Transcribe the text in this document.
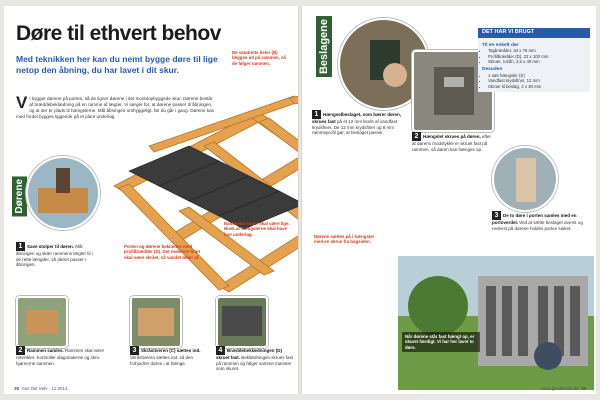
Døre til ethvert behov
Med teknikken her kan du nemt bygge døre til lige netop den åbning, du har lavet i dit skur.
V i bygger dørene på porten, så de ligner dørene i det modulopbyggede skur. Dørene består af bræddebeklædning på en ramme af lægter. Vi sørger for, at dørene passer til åbningen, og at der er plads til hængslerne. Mål åbningen omhyggeligt, før du går i gang. Dørene kan med fordel bygges liggende på et plant underlag.
Dørene
1 Save stolper til døren. Mål åbningen og skær rammens lægter til i de rette længder, så døren passer i åbningen.
De vandrette lister (B) lægges ud på rammen, så de følger rammen.
Porten og dørene beklædes med profilbrædder (D). Det nederste bræt skal være skrået, så vandet løber af.
Rammens ender skal være lige. Husk at hængslerne skal have fast underlag.
2 Rammen samles. Rammen skal være retvinklet. Kontroller diagonalerne og skru hjørnerne sammen.
3 Skråstiveren (C) sættes ind. Skråstiveren sættes ind, så den forhindrer døren i at hænge.
4 Bræddebeklædningen (D) skruet fast. Beklædningen skrues fast på rammen og følger samme mønster som skuret.
38 Gør Det Selv · 11 2013
Beslagene
1 Hængselbeslaget, som bærer døren, skrues fast på et 12 mm klods af vandfast krydsfiner. De 12 mm krydsfiner og 8 mm rammeprofil gør, at beslaget passer.
2 Hængslet skrues på døren, efter at dørens modstykke er skruet fast på rammen, så døren kan hænges op.
3 De to døre i porten samles med en portoverdel. Ved at sætte beslaget øverst og nederst på dørene holdes porten lukket.
DET HAR VI BRUGT
Til en enkelt dør
• Tagbrædder, 34 x 75 mm
• Profilbrædder (D), 22 x 100 mm
• Skruer, rustfri, 4,5 x 40 mm
Desuden
• 1 sæt hængsler (E)
• Vandfast krydsfiner, 12 mm
• Skruer til beslag, 4 x 30 mm
Når dørene står fast hængt op, er skuret færdigt. Vi har her lavet to døre.
Dørene sættes på i hængsler med en skrue fra bagsiden.
www.gordetselv.dk 39
